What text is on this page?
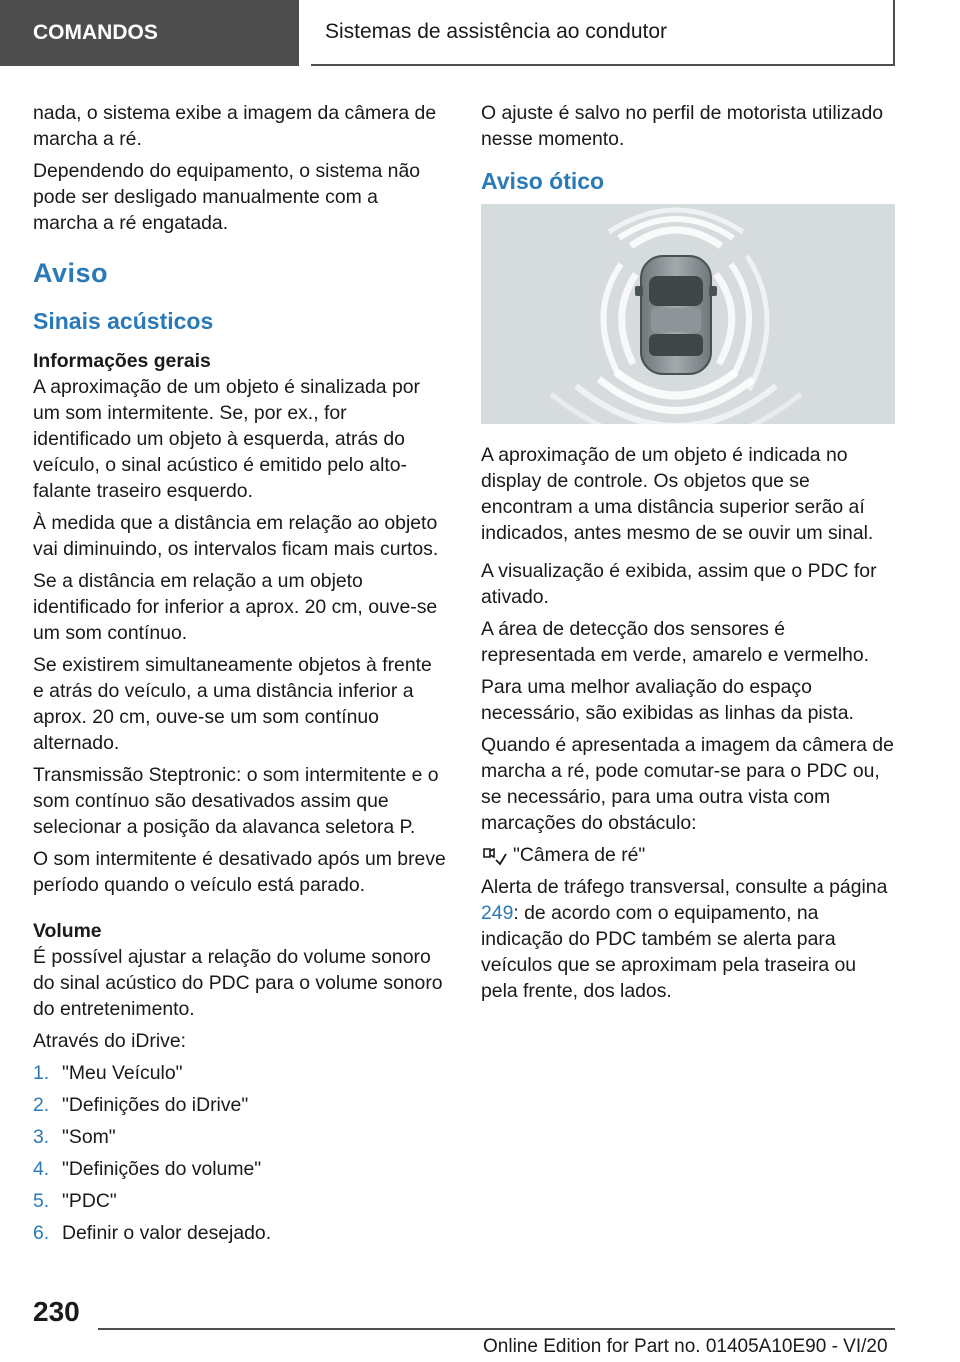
COMANDOS	Sistemas de assistência ao condutor

nada, o sistema exibe a imagem da câmera de marcha a ré.

Dependendo do equipamento, o sistema não pode ser desligado manualmente com a marcha a ré engatada.

Aviso
Sinais acústicos
Informações gerais

A aproximação de um objeto é sinalizada por um som intermitente. Se, por ex., for identificado um objeto à esquerda, atrás do veículo, o sinal acústico é emitido pelo alto-falante traseiro esquerdo.

À medida que a distância em relação ao objeto vai diminuindo, os intervalos ficam mais curtos.

Se a distância em relação a um objeto identificado for inferior a aprox. 20 cm, ouve-se um som contínuo.

Se existirem simultaneamente objetos à frente e atrás do veículo, a uma distância inferior a aprox. 20 cm, ouve-se um som contínuo alternado.

Transmissão Steptronic: o som intermitente e o som contínuo são desativados assim que selecionar a posição da alavanca seletora P.

O som intermitente é desativado após um breve período quando o veículo está parado.

Volume

É possível ajustar a relação do volume sonoro do sinal acústico do PDC para o volume sonoro do entretenimento.

Através do iDrive:

1. "Meu Veículo"
2. "Definições do iDrive"
3. "Som"
4. "Definições do volume"
5. "PDC"
6. Definir o valor desejado.

O ajuste é salvo no perfil de motorista utilizado nesse momento.

Aviso ótico

A aproximação de um objeto é indicada no display de controle. Os objetos que se encontram a uma distância superior serão aí indicados, antes mesmo de se ouvir um sinal.

A visualização é exibida, assim que o PDC for ativado.

A área de detecção dos sensores é representada em verde, amarelo e vermelho.

Para uma melhor avaliação do espaço necessário, são exibidas as linhas da pista.

Quando é apresentada a imagem da câmera de marcha a ré, pode comutar-se para o PDC ou, se necessário, para uma outra vista com marcações do obstáculo:

"Câmera de ré"

Alerta de tráfego transversal, consulte a página 249: de acordo com o equipamento, na indicação do PDC também se alerta para veículos que se aproximam pela traseira ou pela frente, dos lados.

230
Online Edition for Part no. 01405A10E90 - VI/20
